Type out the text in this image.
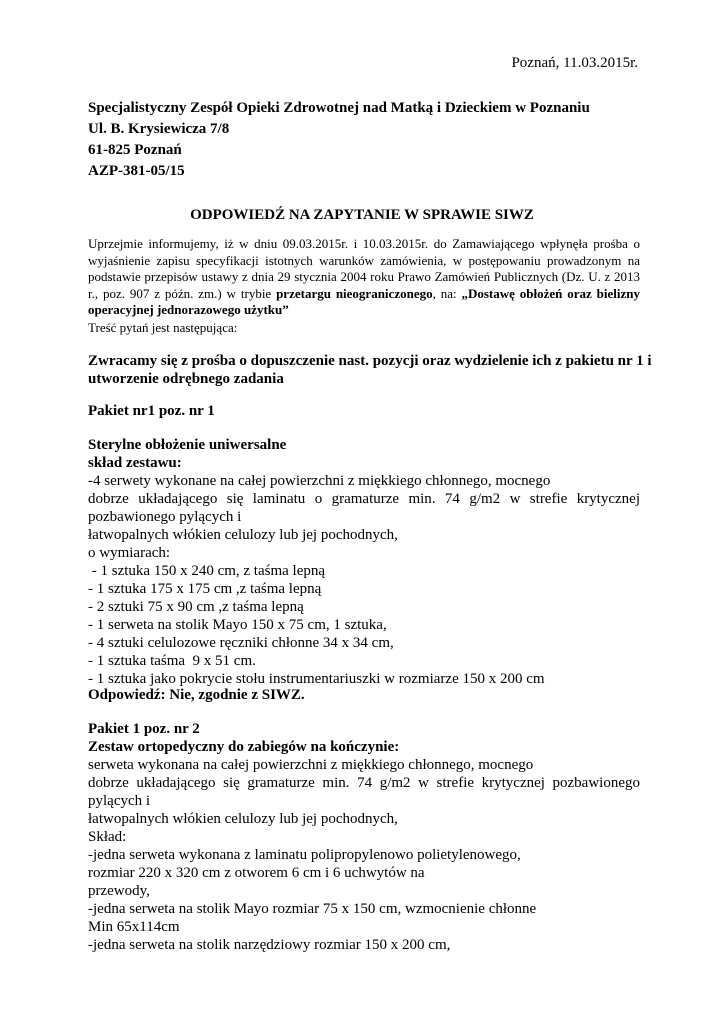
Poznań, 11.03.2015r.
Specjalistyczny Zespół Opieki Zdrowotnej nad Matką i Dzieckiem w Poznaniu
Ul. B. Krysiewicza 7/8
61-825 Poznań
AZP-381-05/15
ODPOWIEDŹ NA ZAPYTANIE W SPRAWIE SIWZ
Uprzejmie informujemy, iż w dniu 09.03.2015r. i 10.03.2015r. do Zamawiającego wpłynęła prośba o wyjaśnienie zapisu specyfikacji istotnych warunków zamówienia, w postępowaniu prowadzonym na podstawie przepisów ustawy z dnia 29 stycznia 2004 roku Prawo Zamówień Publicznych (Dz. U. z 2013 r., poz. 907 z późn. zm.) w trybie przetargu nieograniczonego, na: „Dostawę obłożeń oraz bielizny operacyjnej jednorazowego użytku”
Treść pytań jest następująca:
Zwracamy się z prośba o dopuszczenie nast. pozycji oraz wydzielenie ich z pakietu nr 1 i
utworzenie odrębnego zadania
Pakiet nr1 poz. nr 1
Sterylne obłożenie uniwersalne
skład zestawu:
-4 serwety wykonane na całej powierzchni z miękkiego chłonnego, mocnego
dobrze układającego się laminatu o gramaturze min. 74 g/m2 w strefie krytycznej
pozbawionego pylących i
łatwopalnych włókien celulozy lub jej pochodnych,
o wymiarach:
- 1 sztuka 150 x 240 cm, z taśma lepną
- 1 sztuka 175 x 175 cm ,z taśma lepną
- 2 sztuki 75 x 90 cm ,z taśma lepną
- 1 serweta na stolik Mayo 150 x 75 cm, 1 sztuka,
- 4 sztuki celulozowe ręczniki chłonne 34 x 34 cm,
- 1 sztuka taśma  9 x 51 cm.
- 1 sztuka jako pokrycie stołu instrumentariuszki w rozmiarze 150 x 200 cm
Odpowiedź: Nie, zgodnie z SIWZ.
Pakiet 1 poz. nr 2
Zestaw ortopedyczny do zabiegów na kończynie:
serweta wykonana na całej powierzchni z miękkiego chłonnego, mocnego
dobrze układającego się gramaturze min. 74 g/m2 w strefie krytycznej pozbawionego
pylących i
łatwopalnych włókien celulozy lub jej pochodnych,
Skład:
-jedna serweta wykonana z laminatu polipropylenowo polietylenowego,
rozmiar 220 x 320 cm z otworem 6 cm i 6 uchwytów na
przewody,
-jedna serweta na stolik Mayo rozmiar 75 x 150 cm, wzmocnienie chłonne
Min 65x114cm
-jedna serweta na stolik narzędziowy rozmiar 150 x 200 cm,
